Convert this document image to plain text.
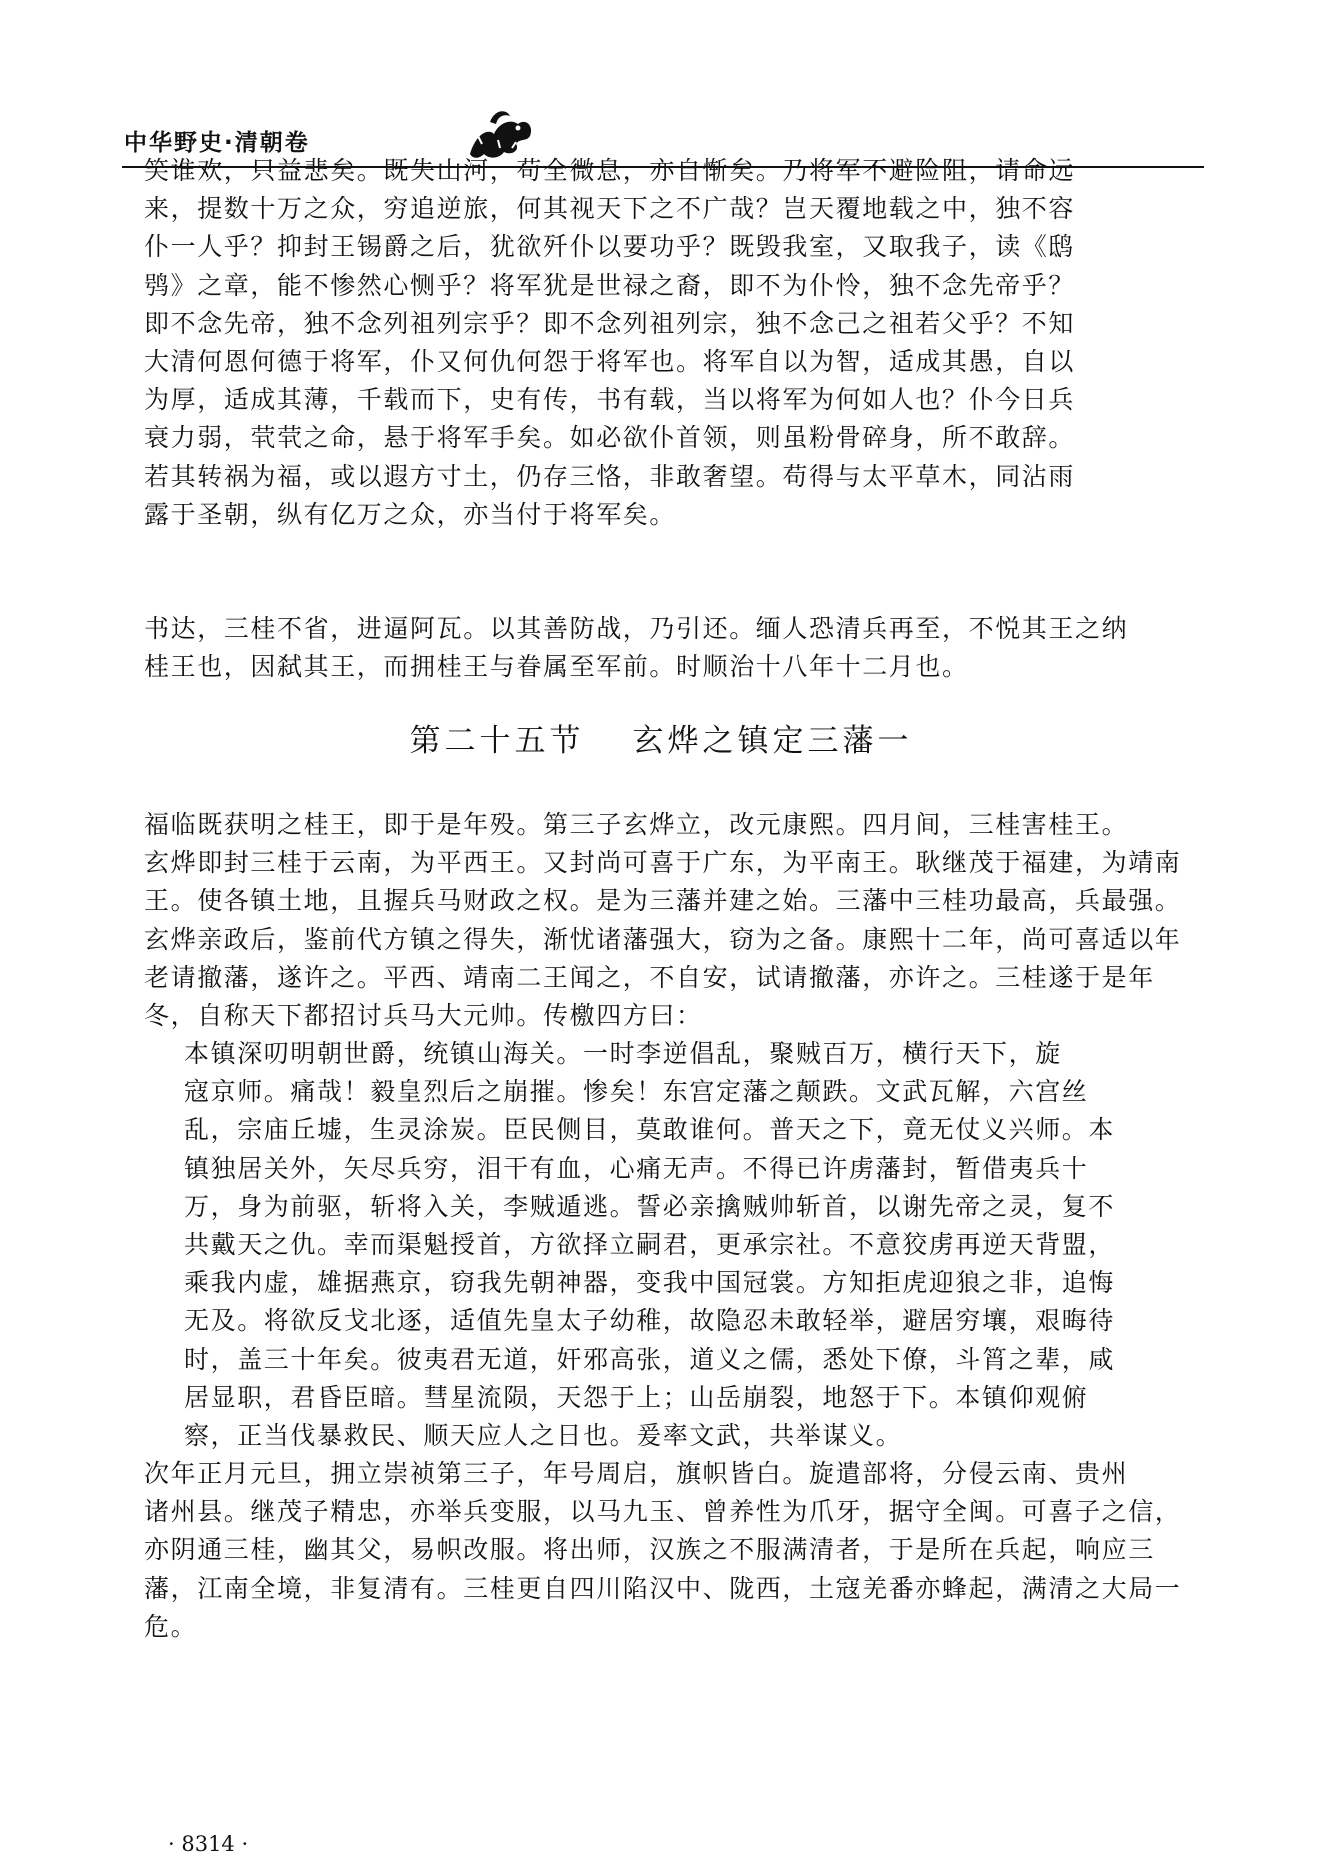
中华野史·清朝卷
笑谁欢，只益悲矣。既失山河，苟全微息，亦自惭矣。乃将军不避险阻，请命远
来，提数十万之众，穷追逆旅，何其视天下之不广哉？岂天覆地载之中，独不容
仆一人乎？抑封王锡爵之后，犹欲歼仆以要功乎？既毁我室，又取我子，读《鸱
鸮》之章，能不惨然心恻乎？将军犹是世禄之裔，即不为仆怜，独不念先帝乎？
即不念先帝，独不念列祖列宗乎？即不念列祖列宗，独不念己之祖若父乎？不知
大清何恩何德于将军，仆又何仇何怨于将军也。将军自以为智，适成其愚，自以
为厚，适成其薄，千载而下，史有传，书有载，当以将军为何如人也？仆今日兵
衰力弱，茕茕之命，悬于将军手矣。如必欲仆首领，则虽粉骨碎身，所不敢辞。
若其转祸为福，或以遐方寸土，仍存三恪，非敢奢望。苟得与太平草木，同沾雨
露于圣朝，纵有亿万之众，亦当付于将军矣。
书达，三桂不省，进逼阿瓦。以其善防战，乃引还。缅人恐清兵再至，不悦其王之纳
桂王也，因弑其王，而拥桂王与眷属至军前。时顺治十八年十二月也。
第二十五节 玄烨之镇定三藩一
福临既获明之桂王，即于是年殁。第三子玄烨立，改元康熙。四月间，三桂害桂王。
玄烨即封三桂于云南，为平西王。又封尚可喜于广东，为平南王。耿继茂于福建，为靖南
王。使各镇土地，且握兵马财政之权。是为三藩并建之始。三藩中三桂功最高，兵最强。
玄烨亲政后，鉴前代方镇之得失，渐忧诸藩强大，窃为之备。康熙十二年，尚可喜适以年
老请撤藩，遂许之。平西、靖南二王闻之，不自安，试请撤藩，亦许之。三桂遂于是年
冬，自称天下都招讨兵马大元帅。传檄四方曰：
本镇深叨明朝世爵，统镇山海关。一时李逆倡乱，聚贼百万，横行天下，旋
寇京师。痛哉！毅皇烈后之崩摧。惨矣！东宫定藩之颠跌。文武瓦解，六宫丝
乱，宗庙丘墟，生灵涂炭。臣民侧目，莫敢谁何。普天之下，竟无仗义兴师。本
镇独居关外，矢尽兵穷，泪干有血，心痛无声。不得已许虏藩封，暂借夷兵十
万，身为前驱，斩将入关，李贼遁逃。誓必亲擒贼帅斩首，以谢先帝之灵，复不
共戴天之仇。幸而渠魁授首，方欲择立嗣君，更承宗社。不意狡虏再逆天背盟，
乘我内虚，雄据燕京，窃我先朝神器，变我中国冠裳。方知拒虎迎狼之非，追悔
无及。将欲反戈北逐，适值先皇太子幼稚，故隐忍未敢轻举，避居穷壤，艰晦待
时，盖三十年矣。彼夷君无道，奸邪高张，道义之儒，悉处下僚，斗筲之辈，咸
居显职，君昏臣暗。彗星流陨，天怨于上；山岳崩裂，地怒于下。本镇仰观俯
察，正当伐暴救民、顺天应人之日也。爰率文武，共举谋义。
次年正月元旦，拥立崇祯第三子，年号周启，旗帜皆白。旋遣部将，分侵云南、贵州
诸州县。继茂子精忠，亦举兵变服，以马九玉、曾养性为爪牙，据守全闽。可喜子之信，
亦阴通三桂，幽其父，易帜改服。将出师，汉族之不服满清者，于是所在兵起，响应三
藩，江南全境，非复清有。三桂更自四川陷汉中、陇西，土寇羌番亦蜂起，满清之大局一
危。
· 8314 ·
